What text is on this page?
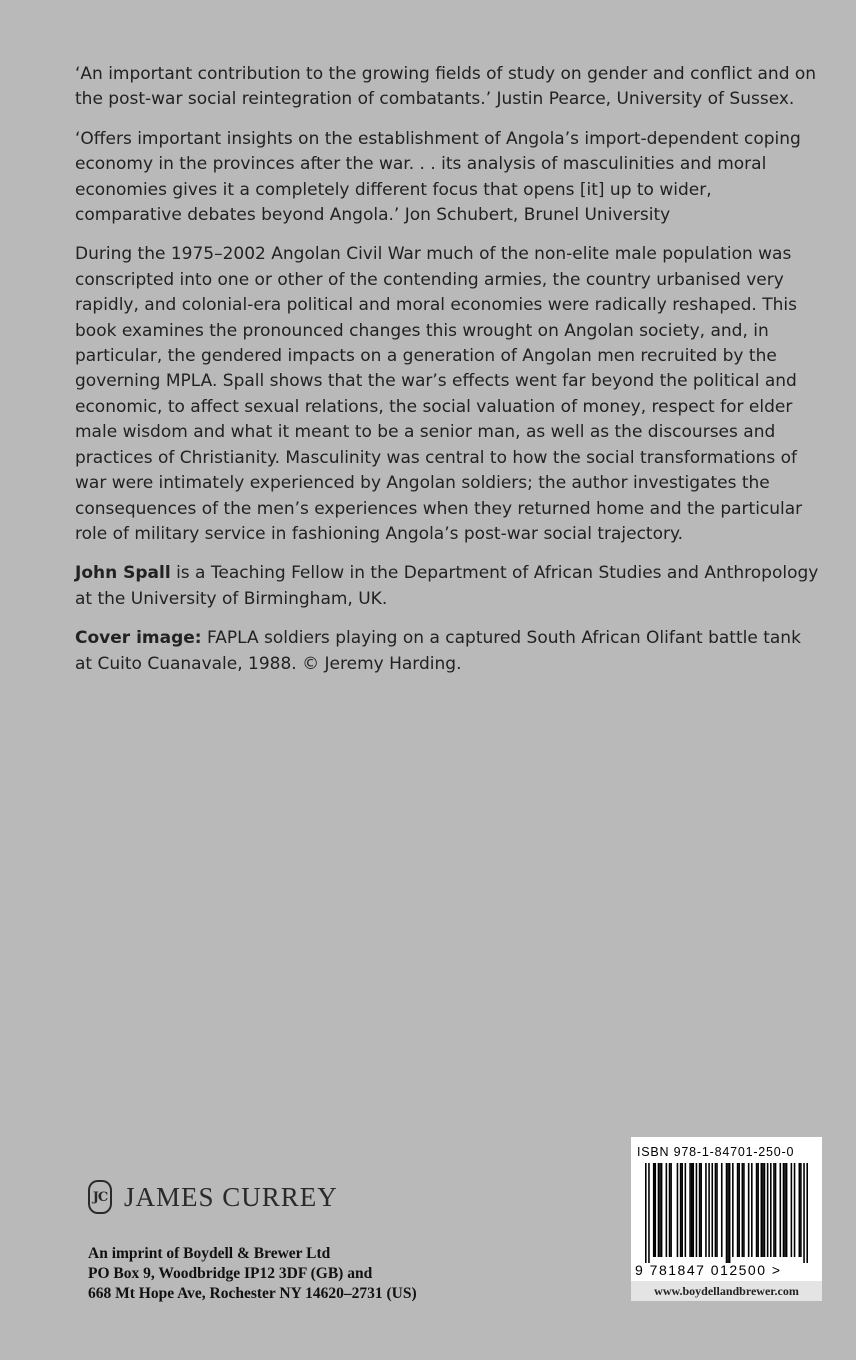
‘An important contribution to the growing fields of study on gender and conflict and on the post-war social reintegration of combatants.’ Justin Pearce, University of Sussex.

‘Offers important insights on the establishment of Angola’s import-dependent coping economy in the provinces after the war. . . its analysis of masculinities and moral economies gives it a completely different focus that opens [it] up to wider, comparative debates beyond Angola.’ Jon Schubert, Brunel University

During the 1975–2002 Angolan Civil War much of the non-elite male population was conscripted into one or other of the contending armies, the country urbanised very rapidly, and colonial-era political and moral economies were radically reshaped. This book examines the pronounced changes this wrought on Angolan society, and, in particular, the gendered impacts on a generation of Angolan men recruited by the governing MPLA. Spall shows that the war’s effects went far beyond the political and economic, to affect sexual relations, the social valuation of money, respect for elder male wisdom and what it meant to be a senior man, as well as the discourses and practices of Christianity. Masculinity was central to how the social transformations of war were intimately experienced by Angolan soldiers; the author investigates the consequences of the men’s experiences when they returned home and the particular role of military service in fashioning Angola’s post-war social trajectory.

John Spall is a Teaching Fellow in the Department of African Studies and Anthropology at the University of Birmingham, UK.

Cover image: FAPLA soldiers playing on a captured South African Olifant battle tank at Cuito Cuanavale, 1988. © Jeremy Harding.

JC JAMES CURREY
An imprint of Boydell & Brewer Ltd
PO Box 9, Woodbridge IP12 3DF (GB) and
668 Mt Hope Ave, Rochester NY 14620–2731 (US)
ISBN 978-1-84701-250-0
9 781847 012500 >
www.boydellandbrewer.com
